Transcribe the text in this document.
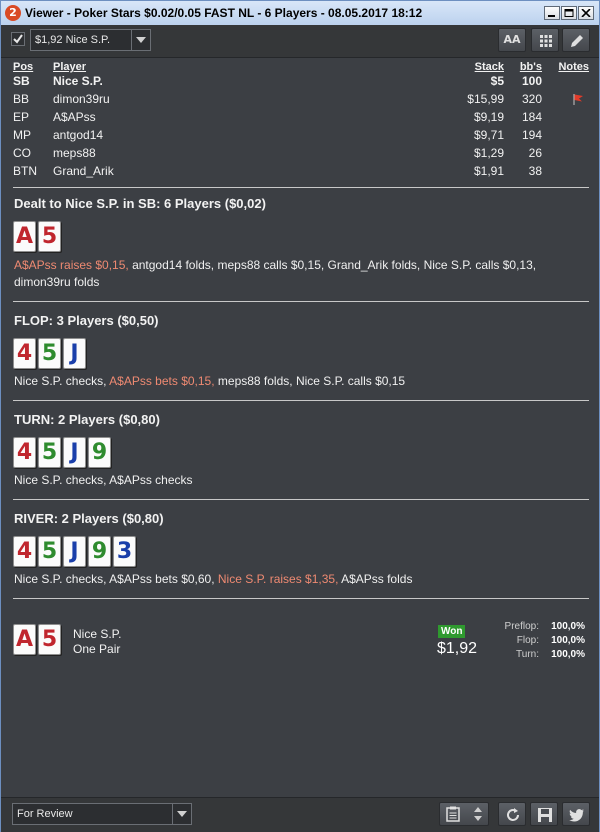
2 Viewer - Poker Stars $0.02/0.05 FAST NL - 6 Players - 08.05.2017 18:12
$1,92 Nice S.P.	AA
Pos Player	Stack bb's Notes
SB Nice S.P.	$5 100
BB dimon39ru	$15,99 320
EP A$APss	$9,19 184
MP antgod14	$9,71 194
CO meps88	$1,29 26
BTN Grand_Arik	$1,91 38
Dealt to Nice S.P. in SB: 6 Players ($0,02)
A 5
A$APss raises $0,15, antgod14 folds, meps88 calls $0,15, Grand_Arik folds, Nice S.P. calls $0,13, dimon39ru folds
FLOP: 3 Players ($0,50)
4 5 J
Nice S.P. checks, A$APss bets $0,15, meps88 folds, Nice S.P. calls $0,15
TURN: 2 Players ($0,80)
4 5 J 9
Nice S.P. checks, A$APss checks
RIVER: 2 Players ($0,80)
4 5 J 9 3
Nice S.P. checks, A$APss bets $0,60, Nice S.P. raises $1,35, A$APss folds
A 5	Nice S.P.
One Pair
Won
$1,92
Preflop: 100,0%
Flop: 100,0%
Turn: 100,0%
For Review
